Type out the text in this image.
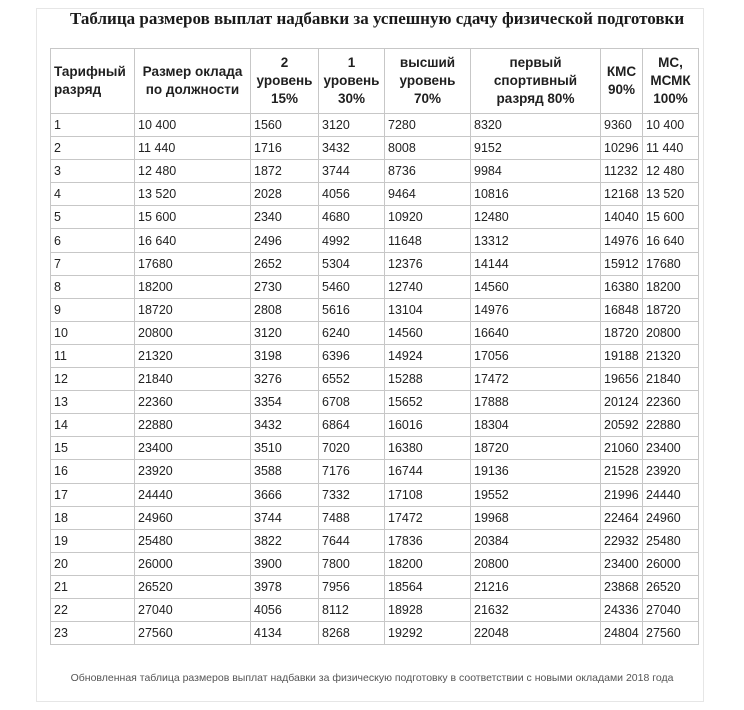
Таблица размеров выплат надбавки за успешную сдачу физической подготовки
Тарифный разряд	Размер оклада по должности	2 уровень 15%	1 уровень 30%	высший уровень 70%	первый спортивный разряд 80%	КМС 90%	МС, МСМК 100%
1	10 400	1560	3120	7280	8320	9360	10 400
2	11 440	1716	3432	8008	9152	10296	11 440
3	12 480	1872	3744	8736	9984	11232	12 480
4	13 520	2028	4056	9464	10816	12168	13 520
5	15 600	2340	4680	10920	12480	14040	15 600
6	16 640	2496	4992	11648	13312	14976	16 640
7	17680	2652	5304	12376	14144	15912	17680
8	18200	2730	5460	12740	14560	16380	18200
9	18720	2808	5616	13104	14976	16848	18720
10	20800	3120	6240	14560	16640	18720	20800
11	21320	3198	6396	14924	17056	19188	21320
12	21840	3276	6552	15288	17472	19656	21840
13	22360	3354	6708	15652	17888	20124	22360
14	22880	3432	6864	16016	18304	20592	22880
15	23400	3510	7020	16380	18720	21060	23400
16	23920	3588	7176	16744	19136	21528	23920
17	24440	3666	7332	17108	19552	21996	24440
18	24960	3744	7488	17472	19968	22464	24960
19	25480	3822	7644	17836	20384	22932	25480
20	26000	3900	7800	18200	20800	23400	26000
21	26520	3978	7956	18564	21216	23868	26520
22	27040	4056	8112	18928	21632	24336	27040
23	27560	4134	8268	19292	22048	24804	27560

Обновленная таблица размеров выплат надбавки за физическую подготовку в соответствии с новыми окладами 2018 года
